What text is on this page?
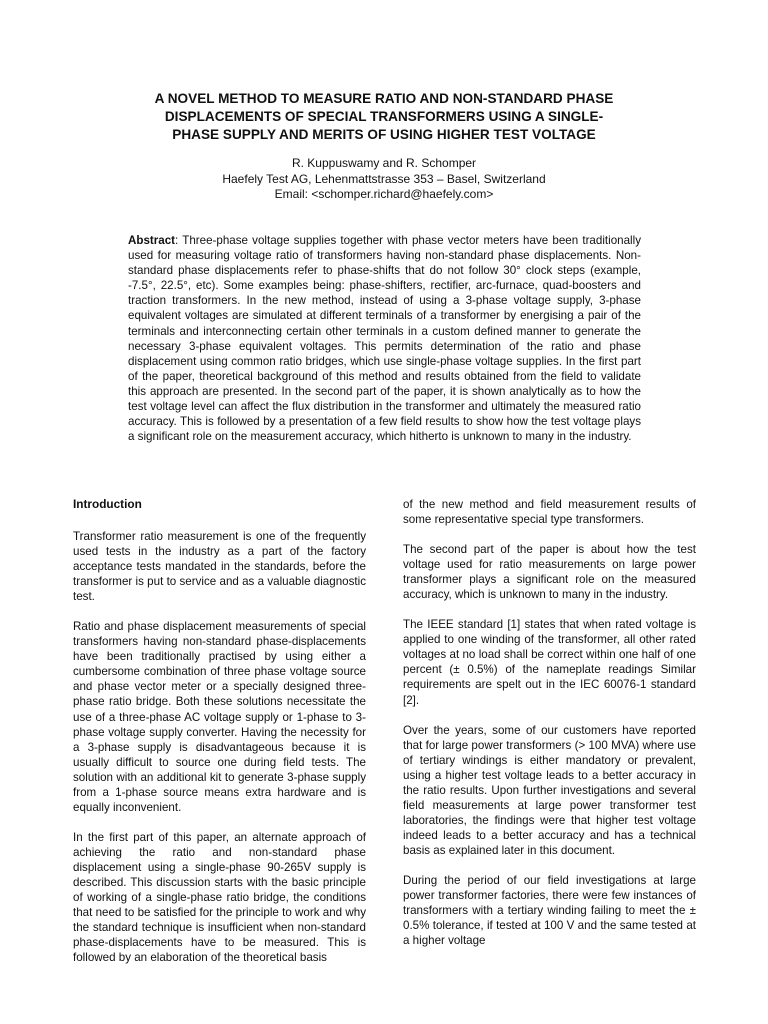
A NOVEL METHOD TO MEASURE RATIO AND NON-STANDARD PHASE
DISPLACEMENTS OF SPECIAL TRANSFORMERS USING A SINGLE-
PHASE SUPPLY AND MERITS OF USING HIGHER TEST VOLTAGE
R. Kuppuswamy and R. Schomper
Haefely Test AG, Lehenmattstrasse 353 – Basel, Switzerland
Email: <schomper.richard@haefely.com>

Abstract: Three-phase voltage supplies together with phase vector meters have been traditionally used for measuring voltage ratio of transformers having non-standard phase displacements. Non-standard phase displacements refer to phase-shifts that do not follow 30° clock steps (example, -7.5°, 22.5°, etc). Some examples being: phase-shifters, rectifier, arc-furnace, quad-boosters and traction transformers. In the new method, instead of using a 3-phase voltage supply, 3-phase equivalent voltages are simulated at different terminals of a transformer by energising a pair of the terminals and interconnecting certain other terminals in a custom defined manner to generate the necessary 3-phase equivalent voltages. This permits determination of the ratio and phase displacement using common ratio bridges, which use single-phase voltage supplies. In the first part of the paper, theoretical background of this method and results obtained from the field to validate this approach are presented. In the second part of the paper, it is shown analytically as to how the test voltage level can affect the flux distribution in the transformer and ultimately the measured ratio accuracy. This is followed by a presentation of a few field results to show how the test voltage plays a significant role on the measurement accuracy, which hitherto is unknown to many in the industry.

Introduction

Transformer ratio measurement is one of the frequently used tests in the industry as a part of the factory acceptance tests mandated in the standards, before the transformer is put to service and as a valuable diagnostic test.

Ratio and phase displacement measurements of special transformers having non-standard phase-displacements have been traditionally practised by using either a cumbersome combination of three phase voltage source and phase vector meter or a specially designed three-phase ratio bridge. Both these solutions necessitate the use of a three-phase AC voltage supply or 1-phase to 3-phase voltage supply converter. Having the necessity for a 3-phase supply is disadvantageous because it is usually difficult to source one during field tests. The solution with an additional kit to generate 3-phase supply from a 1-phase source means extra hardware and is equally inconvenient.

In the first part of this paper, an alternate approach of achieving the ratio and non-standard phase displacement using a single-phase 90-265V supply is described. This discussion starts with the basic principle of working of a single-phase ratio bridge, the conditions that need to be satisfied for the principle to work and why the standard technique is insufficient when non-standard phase-displacements have to be measured. This is followed by an elaboration of the theoretical basis

of the new method and field measurement results of some representative special type transformers.

The second part of the paper is about how the test voltage used for ratio measurements on large power transformer plays a significant role on the measured accuracy, which is unknown to many in the industry.

The IEEE standard [1] states that when rated voltage is applied to one winding of the transformer, all other rated voltages at no load shall be correct within one half of one percent (± 0.5%) of the nameplate readings Similar requirements are spelt out in the IEC 60076-1 standard [2].

Over the years, some of our customers have reported that for large power transformers (> 100 MVA) where use of tertiary windings is either mandatory or prevalent, using a higher test voltage leads to a better accuracy in the ratio results. Upon further investigations and several field measurements at large power transformer test laboratories, the findings were that higher test voltage indeed leads to a better accuracy and has a technical basis as explained later in this document.

During the period of our field investigations at large power transformer factories, there were few instances of transformers with a tertiary winding failing to meet the ± 0.5% tolerance, if tested at 100 V and the same tested at a higher voltage
